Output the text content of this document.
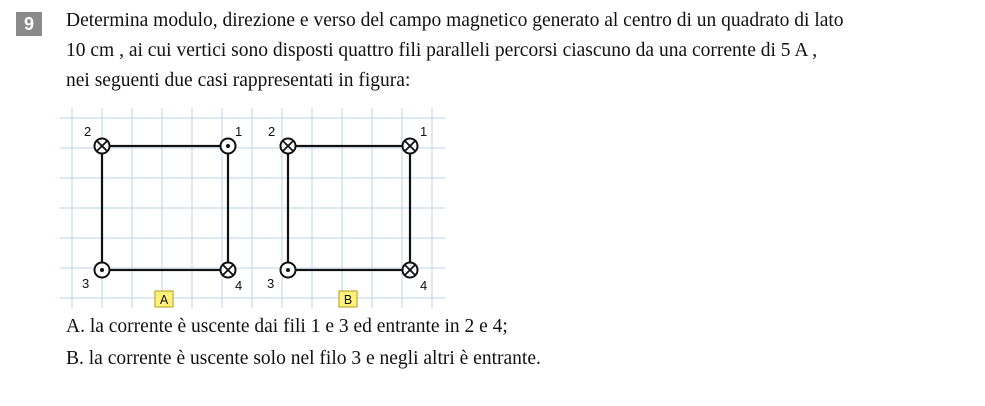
9	Determina modulo, direzione e verso del campo magnetico generato al centro di un quadrato di lato
10 cm , ai cui vertici sono disposti quattro fili paralleli percorsi ciascuno da una corrente di 5 A ,
nei seguenti due casi rappresentati in figura:
2	1
3	4
A
2	1
3	4
B
A. la corrente è uscente dai fili 1 e 3 ed entrante in 2 e 4;
B. la corrente è uscente solo nel filo 3 e negli altri è entrante.
